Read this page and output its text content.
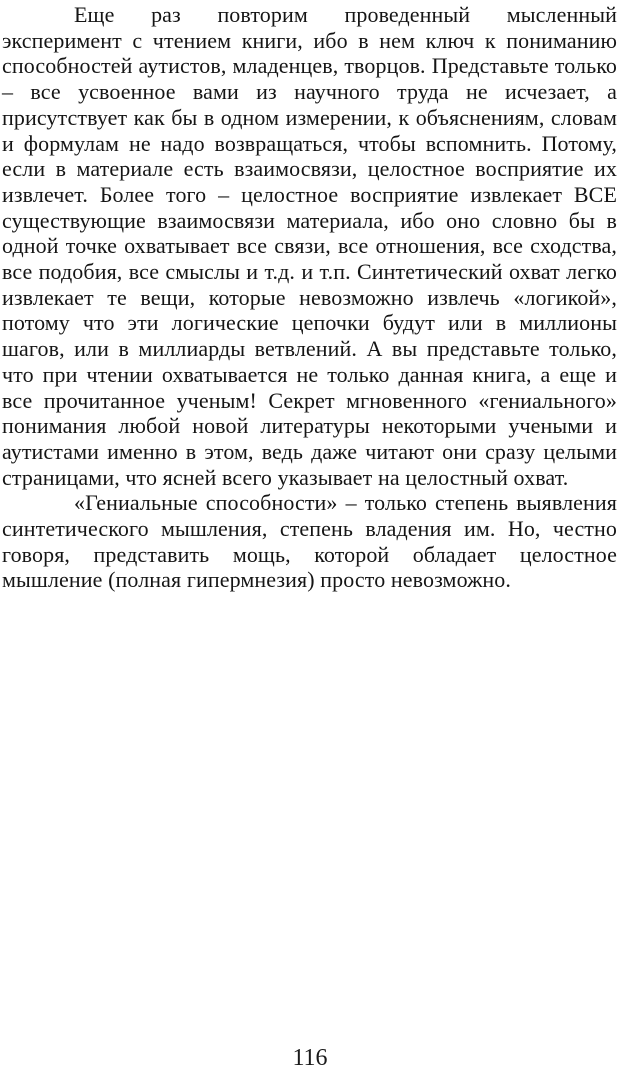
Еще раз повторим проведенный мысленный эксперимент с чтением книги, ибо в нем ключ к пониманию способностей аутистов, младенцев, творцов. Представьте только – все усвоенное вами из научного труда не исчезает, а присутствует как бы в одном измерении, к объяснениям, словам и формулам не надо возвращаться, чтобы вспомнить. Потому, если в материале есть взаимосвязи, целостное восприятие их извлечет. Более того – целостное восприятие извлекает ВСЕ существующие взаимосвязи материала, ибо оно словно бы в одной точке охватывает все связи, все отношения, все сходства, все подобия, все смыслы и т.д. и т.п. Синтетический охват легко извлекает те вещи, которые невозможно извлечь «логикой», потому что эти логические цепочки будут или в миллионы шагов, или в миллиарды ветвлений. А вы представьте только, что при чтении охватывается не только данная книга, а еще и все прочитанное ученым! Секрет мгновенного «гениального» понимания любой новой литературы некоторыми учеными и аутистами именно в этом, ведь даже читают они сразу целыми страницами, что ясней всего указывает на целостный охват.

«Гениальные способности» – только степень выявления синтетического мышления, степень владения им. Но, честно говоря, представить мощь, которой обладает целостное мышление (полная гипермнезия) просто невозможно.

116
